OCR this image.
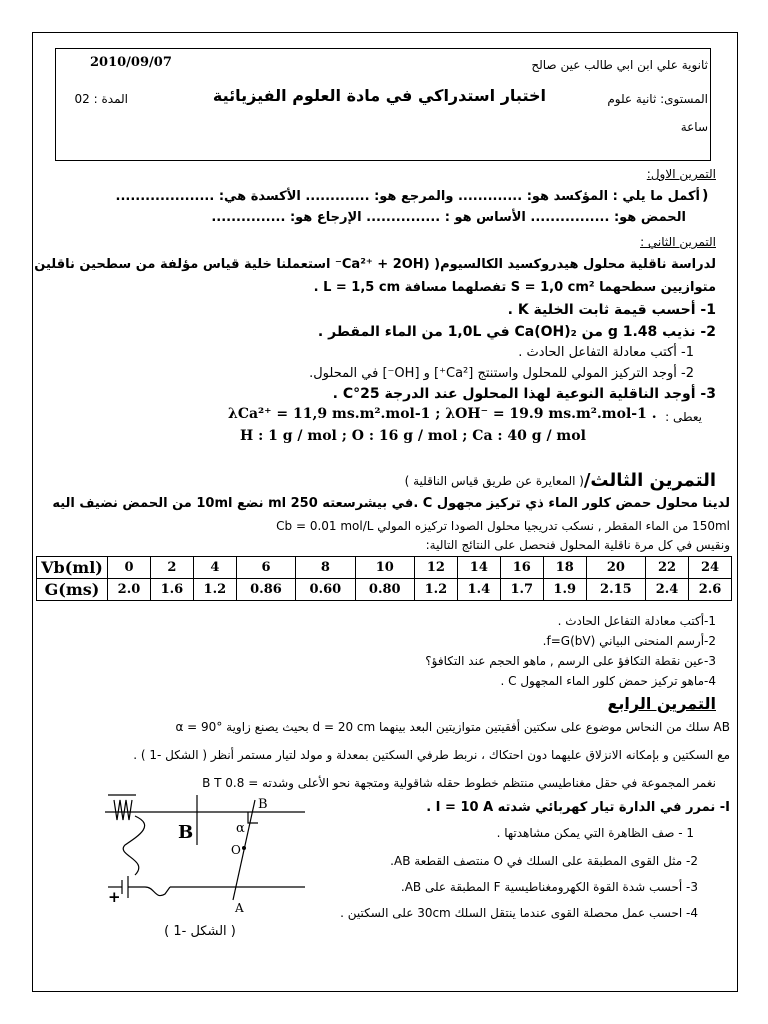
2010/09/07	ثانوية علي ابن ابي طالب عين صالح
اختبار استدراكي في مادة العلوم الفيزيائية	المستوى: ثانية علوم
المدة : 02
ساعة
التمرين الاول:
أكمل ما يلي : المؤكسد هو: ............. والمرجع هو: ............. الأكسدة هي: .................... )
الحمض هو: ................ الأساس هو : ............... الإرجاع هو: ...............
التمرين الثاني :
لدراسة ناقلية محلول هيدروكسيد الكالسيوم( (Ca²⁺ + 2OH⁻ استعملنا خلية قياس مؤلفة من سطحين ناقلين
متوازيين سطحهما S = 1,0 cm² تفصلهما مسافة L = 1,5 cm .
1- أحسب قيمة ثابت الخلية K .
2- نذيب 1.48 g من Ca(OH)₂ في 1,0L من الماء المقطر .
1- أكتب معادلة التفاعل الحادث .
2- أوجد التركيز المولي للمحلول واستنتج [Ca²⁺] و [OH⁻] في المحلول.
3- أوجد الناقلية النوعية لهذا المحلول عند الدرجة 25°C .
يعطى :
λCa²⁺ = 11,9 ms.m².mol-1 ; λOH⁻ = 19.9 ms.m².mol-1 .
H : 1 g / mol ; O : 16 g / mol ; Ca : 40 g / mol
التمرين الثالث/
( المعايرة عن طريق قياس الناقلية )
لدينا محلول حمض كلور الماء ذي تركيز مجهول C .في بيشرسعته 250 ml نضع 10ml من الحمض نضيف اليه
150ml من الماء المقطر , نسكب تدريجيا محلول الصودا تركيزه المولي Cb = 0.01 mol/L
ونقيس في كل مرة ناقلية المحلول فنحصل على النتائج التالية:
Vb(ml)	0	2	4	6	8	10	12	14	16	18	20	22	24
G(ms)	2.0	1.6	1.2	0.86	0.60	0.80	1.2	1.4	1.7	1.9	2.15	2.4	2.6
1-أكتب معادلة التفاعل الحادث .
2-أرسم المنحنى البياني f=G(bV).
3-عين نقطة التكافؤ على الرسم , ماهو الحجم عند التكافؤ؟
4-ماهو تركيز حمض كلور الماء المجهول C .
التمرين الرابع
AB سلك من النحاس موضوع على سكتين أفقيتين متوازيتين البعد بينهما d = 20 cm بحيث يصنع زاوية α = 90°
مع السكتين و بإمكانه الانزلاق عليهما دون احتكاك ، نربط طرفي السكتين بمعدلة و مولد لتيار مستمر أنظر ( الشكل -1 ) .
نغمر المجموعة في حقل مغناطيسي منتظم خطوط حقله شاقولية ومتجهة نحو الأعلى وشدته = 0.8 B T
I- نمرر في الدارة تيار كهربائي شدته I = 10 A .
1 - صف الظاهرة التي يمكن مشاهدتها .
2- مثل القوى المطبقة على السلك في O منتصف القطعة AB.
3- أحسب شدة القوة الكهرومغناطيسية F المطبقة على AB.
4- احسب عمل محصلة القوى عندما ينتقل السلك 30cm على السكتين .
B
B
A
O
α
+
( الشكل -1 )
